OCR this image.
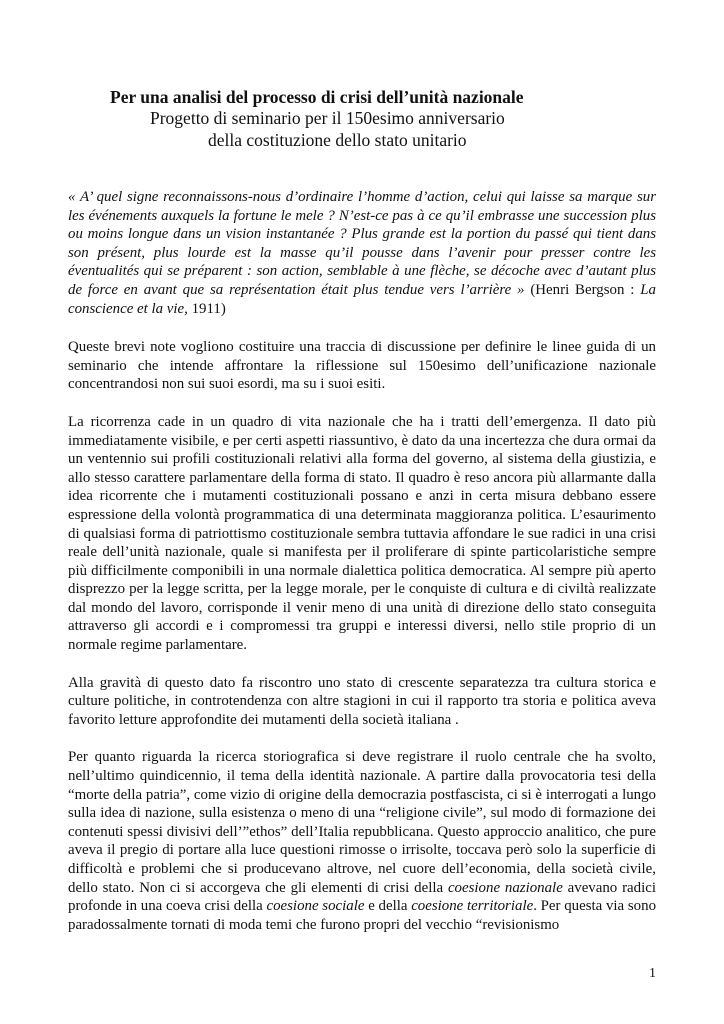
Per una analisi del processo di crisi dell’unità nazionale
Progetto di seminario per il 150esimo anniversario
della costituzione dello stato unitario

« A’ quel signe reconnaissons-nous d’ordinaire l’homme d’action, celui qui laisse sa marque sur les événements auxquels la fortune le mele ? N’est-ce pas à ce qu’il embrasse une succession plus ou moins longue dans un vision instantanée ? Plus grande est la portion du passé qui tient dans son présent, plus lourde est la masse qu’il pousse dans l’avenir pour presser contre les éventualités qui se préparent : son action, semblable à une flèche, se décoche avec d’autant plus de force en avant que sa représentation était plus tendue vers l’arrière » (Henri Bergson : La conscience et la vie, 1911)

Queste brevi note vogliono costituire una traccia di discussione per definire le linee guida di un seminario che intende affrontare la riflessione sul 150esimo dell’unificazione nazionale concentrandosi non sui suoi esordi, ma su i suoi esiti.

La ricorrenza cade in un quadro di vita nazionale che ha i tratti dell’emergenza. Il dato più immediatamente visibile, e per certi aspetti riassuntivo, è dato da una incertezza che dura ormai da un ventennio sui profili costituzionali relativi alla forma del governo, al sistema della giustizia, e allo stesso carattere parlamentare della forma di stato. Il quadro è reso ancora più allarmante dalla idea ricorrente che i mutamenti costituzionali possano e anzi in certa misura debbano essere espressione della volontà programmatica di una determinata maggioranza politica. L’esaurimento di qualsiasi forma di patriottismo costituzionale sembra tuttavia affondare le sue radici in una crisi reale dell’unità nazionale, quale si manifesta per il proliferare di spinte particolaristiche sempre più difficilmente componibili in una normale dialettica politica democratica. Al sempre più aperto disprezzo per la legge scritta, per la legge morale, per le conquiste di cultura e di civiltà realizzate dal mondo del lavoro, corrisponde il venir meno di una unità di direzione dello stato conseguita attraverso gli accordi e i compromessi tra gruppi e interessi diversi, nello stile proprio di un normale regime parlamentare.

Alla gravità di questo dato fa riscontro uno stato di crescente separatezza tra cultura storica e culture politiche, in controtendenza con altre stagioni in cui il rapporto tra storia e politica aveva favorito letture approfondite dei mutamenti della società italiana .

Per quanto riguarda la ricerca storiografica si deve registrare il ruolo centrale che ha svolto, nell’ultimo quindicennio, il tema della identità nazionale. A partire dalla provocatoria tesi della “morte della patria”, come vizio di origine della democrazia postfascista, ci si è interrogati a lungo sulla idea di nazione, sulla esistenza o meno di una “religione civile”, sul modo di formazione dei contenuti spessi divisivi dell’”ethos” dell’Italia repubblicana. Questo approccio analitico, che pure aveva il pregio di portare alla luce questioni rimosse o irrisolte, toccava però solo la superficie di difficoltà e problemi che si producevano altrove, nel cuore dell’economia, della società civile, dello stato. Non ci si accorgeva che gli elementi di crisi della coesione nazionale avevano radici profonde in una coeva crisi della coesione sociale e della coesione territoriale. Per questa via sono paradossalmente tornati di moda temi che furono propri del vecchio “revisionismo

1
